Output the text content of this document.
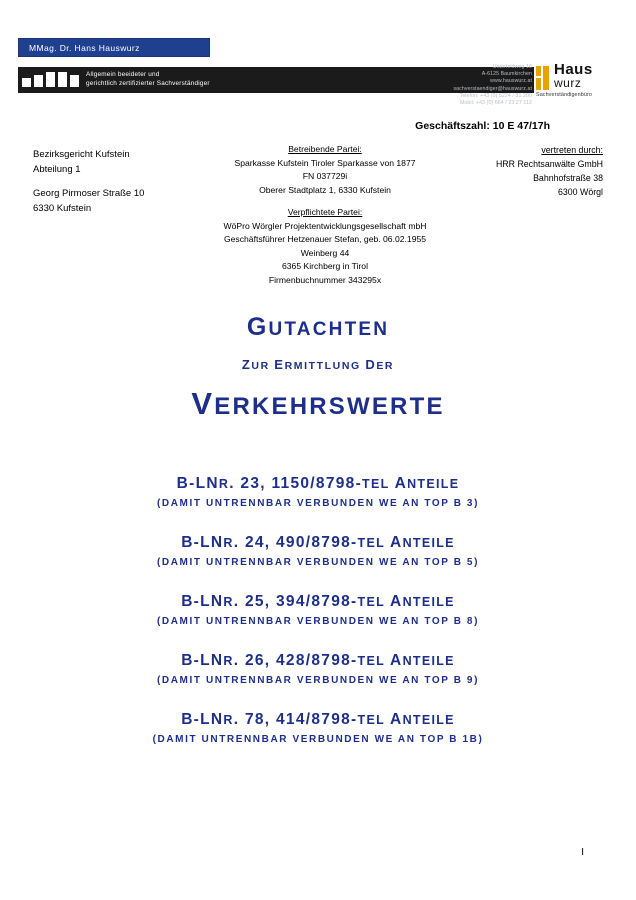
MMag. Dr. Hans Hauswurz
Allgemein beeideter und
gerichtlich zertifizierter Sachverständiger
Unterfeldweg 18
A-6125 Baumkirchen
www.hauswurz.at
sachverstaendiger@hauswurz.at
Telefon: +43 (0) 5224 / 31 200
Mobil: +43 (0) 664 / 23 27 112
Haus
wurz
Sachverständigenbüro
Geschäftszahl: 10 E 47/17h
Bezirksgericht Kufstein
Abteilung 1
Georg Pirmoser Straße 10
6330 Kufstein
Betreibende Partei:
Sparkasse Kufstein Tiroler Sparkasse von 1877
FN 037729i
Oberer Stadtplatz 1, 6330 Kufstein
Verpflichtete Partei:
WöPro Wörgler Projektentwicklungsgesellschaft mbH
Geschäftsführer Hetzenauer Stefan, geb. 06.02.1955
Weinberg 44
6365 Kirchberg in Tirol
Firmenbuchnummer 343295x
vertreten durch:
HRR Rechtsanwälte GmbH
Bahnhofstraße 38
6300 Wörgl
GUTACHTEN
ZUR ERMITTLUNG DER
VERKEHRSWERTE
B-LNR. 23, 1150/8798-TEL ANTEILE
(DAMIT UNTRENNBAR VERBUNDEN WE AN TOP B 3)
B-LNR. 24, 490/8798-TEL ANTEILE
(DAMIT UNTRENNBAR VERBUNDEN WE AN TOP B 5)
B-LNR. 25, 394/8798-TEL ANTEILE
(DAMIT UNTRENNBAR VERBUNDEN WE AN TOP B 8)
B-LNR. 26, 428/8798-TEL ANTEILE
(DAMIT UNTRENNBAR VERBUNDEN WE AN TOP B 9)
B-LNR. 78, 414/8798-TEL ANTEILE
(DAMIT UNTRENNBAR VERBUNDEN WE AN TOP B 1B)
I
